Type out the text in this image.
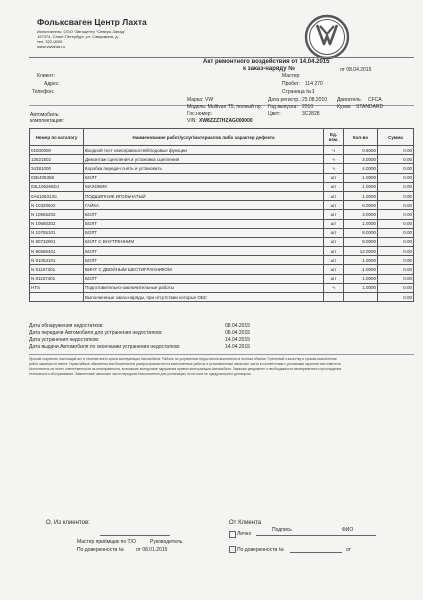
Фольксваген Центр Лахта
Исполнитель: ООО "Автоцентр "Северо-Запад"
197374, Санкт-Петербург, ул. Савушкина, д.
тел. 322-0000
www.vwlahta.ru
Акт ремонтного воздействия от 14.04.2015
к заказ-наряду №	от 08.04.2015
Клиент:
Адрес:
Телефон:
Мастер:
Пробег: 114 270
Страница №: 1
Автомобиль:
комплектация:
Марка: VW
Модель: Multivan Т5, полный пр.
Гос.номер:
VIN: XW8ZZZ7HZAG000000
Дата регистр.: 25.08.2010
Год выпуска: 2010
Цвет:	3C2828
Двигатель: CFCA
Кузов: STANDARD
Номер по каталогу	Наименование работ/услуг/материалов либо характер дефекта	Ед. изм.	Кол-во	Сумма
01500000	Входной тест неисправностей/Ходовые функции	ч	0.5000	0.00
13521502	Демонтаж сцепления и установка сцепления	ч	3.0000	0.00
34391000	Коробка передач снять и установить	ч	4.0000	0.00
02E405359	БОЛТ	шт	1.0000	0.00
03L105266DJ	МАХОВИК	шт	1.0000	0.00
0A5105313C	ПОДШИПНИК ИГОЛЬЧАТЫЙ	шт	1.0000	0.00
N 10320502	ГАЙКА	шт	6.0000	0.00
N 10665202	БОЛТ	шт	3.0000	0.00
N 10580302	БОЛТ	шт	1.0000	0.00
N 10755101	БОЛТ	шт	8.0000	0.00
N 90732901	БОЛТ С ВНУТРЕННИМ	шт	8.0000	0.00
N 90586401	БОЛТ	шт	12.0000	0.00
N 91053101	БОЛТ	шт	1.0000	0.00
N 91157301	ВИНТ С ДВОЙНЫМ ШЕСТИГРАННИКОМ	шт	1.0000	0.00
N 91157401	БОЛТ	шт	1.0000	0.00
HTS	Подготовительно-заключительные работы	ч	1.0000	0.00
	Выполненные заказ-наряды, при отсутствии которых ОБС			0.00
Дата обнаружения недостатков:	08.04.2015
Дата передачи Автомобиля для устранения недостатков:	08.04.2015
Дата устранения недостатков:	14.04.2015
Дата выдачи Автомобиля по окончании устранения недостатков:	14.04.2015
Просим сохранять настоящий акт в течение всего срока эксплуатации Автомобиля. Работы по устранению недостатков выполнены в полном объеме. Претензий к качеству и срокам выполнения
работ заказчик не имеет. Гарантийные обязательства Исполнителя распространяются на выполненные работы и установленные запасные части в соответствии с условиями гарантии изготовителя.
Исполнитель не несет ответственности за неисправности, возникшие вследствие нарушения правил эксплуатации Автомобиля. Заказчик уведомлен о необходимости своевременного прохождения
технического обслуживания. Замененные запасные части переданы Исполнителю для утилизации, если иное не предусмотрено договором.
О. Из клиентов:	От Клиента
Лично
Подпись	ФИО
Мастер приёмщик по Т/О	Руководитель
По доверенности № от 08.01.2015	По доверенности №	от
